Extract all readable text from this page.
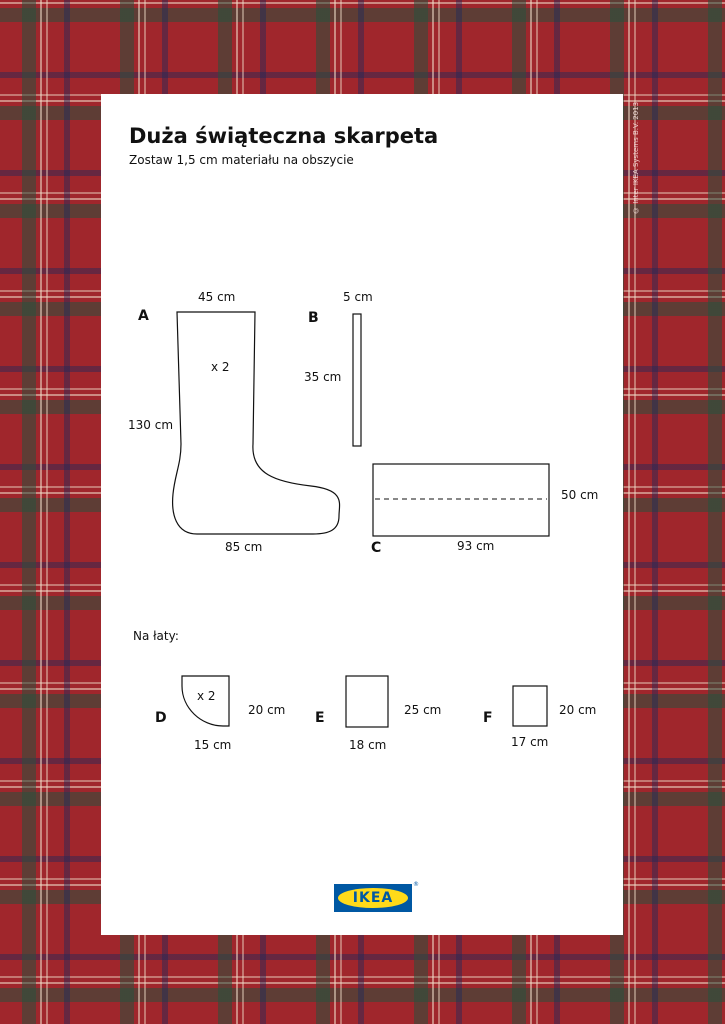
© Inter IKEA Systems B.V. 2013
Duża świąteczna skarpeta
Zostaw 1,5 cm materiału na obszycie
A
45 cm
x 2
130 cm
85 cm
B
5 cm
35 cm
50 cm
C	93 cm
Na łaty:
x 2
20 cm
D
15 cm
25 cm
E
18 cm
20 cm
F
17 cm
IKEA
®
